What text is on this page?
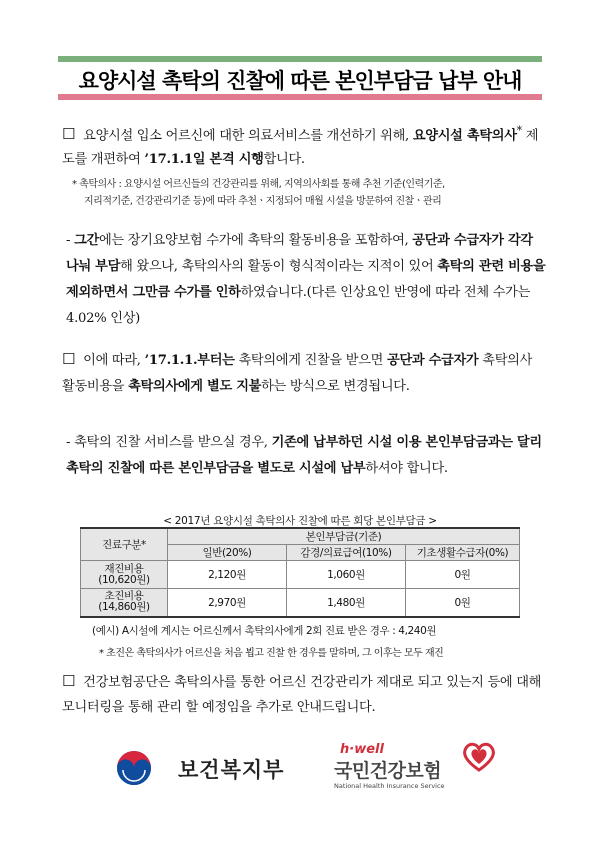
요양시설 촉탁의 진찰에 따른 본인부담금 납부 안내
☐ 요양시설 입소 어르신에 대한 의료서비스를 개선하기 위해, 요양시설 촉탁의사* 제도를 개편하여 ’17.1.1일 본격 시행합니다.
* 촉탁의사 : 요양시설 어르신들의 건강관리를 위해, 지역의사회를 통해 추천 기준(인력기준,
지리적기준, 건강관리기준 등)에 따라 추천ㆍ지정되어 매월 시설을 방문하여 진찰ㆍ관리
- 그간에는 장기요양보험 수가에 촉탁의 활동비용을 포함하여, 공단과 수급자가 각각 나눠 부담해 왔으나, 촉탁의사의 활동이 형식적이라는 지적이 있어 촉탁의 관련 비용을 제외하면서 그만큼 수가를 인하하였습니다.(다른 인상요인 반영에 따라 전체 수가는 4.02% 인상)
☐ 이에 따라, ’17.1.1.부터는 촉탁의에게 진찰을 받으면 공단과 수급자가 촉탁의사 활동비용을 촉탁의사에게 별도 지불하는 방식으로 변경됩니다.
- 촉탁의 진찰 서비스를 받으실 경우, 기존에 납부하던 시설 이용 본인부담금과는 달리 촉탁의 진찰에 따른 본인부담금을 별도로 시설에 납부하셔야 합니다.
< 2017년 요양시설 촉탁의사 진찰에 따른 회당 본인부담금 >
진료구분*	본인부담금(기준)		
	일반(20%)	감경/의료급여(10%)	기초생활수급자(0%)

재진비용
(10,620원)	2,120원	1,060원	0원

초진비용
(14,860원)	2,970원	1,480원	0원
(예시) A시설에 계시는 어르신께서 촉탁의사에게 2회 진료 받은 경우 : 4,240원
* 초진은 촉탁의사가 어르신을 처음 뵙고 진찰 한 경우를 말하며, 그 이후는 모두 재진
☐ 건강보험공단은 촉탁의사를 통한 어르신 건강관리가 제대로 되고 있는지 등에 대해 모니터링을 통해 관리 할 예정임을 추가로 안내드립니다.
보건복지부
h·well
국민건강보험
National Health Insurance Service
